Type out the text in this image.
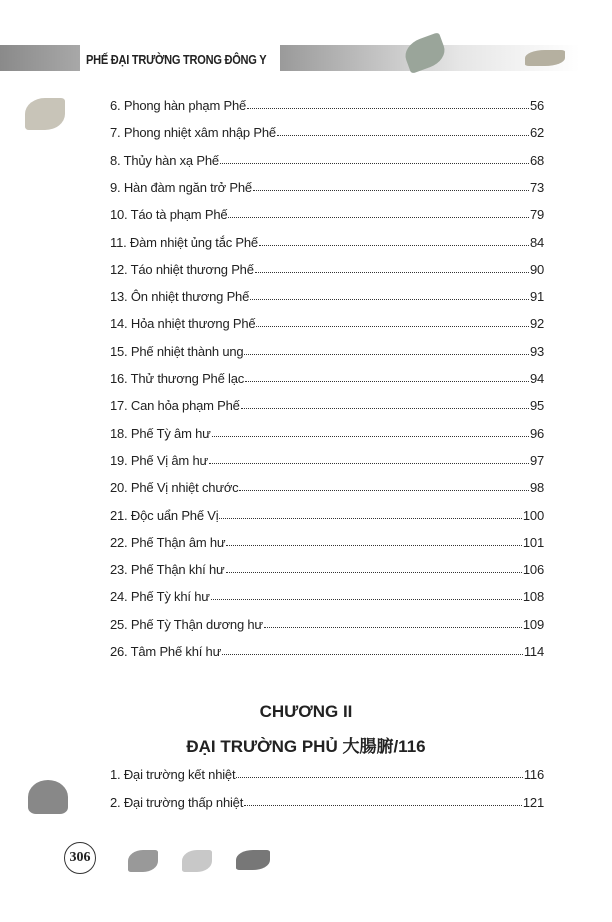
PHẾ ĐẠI TRƯỜNG TRONG ĐÔNG Y
6. Phong hàn phạm Phế	56
7. Phong nhiệt xâm nhập Phế	62
8. Thủy hàn xạ Phế	68
9. Hàn đàm ngăn trở Phế	73
10. Táo tà phạm Phế	79
11. Đàm nhiệt ủng tắc Phế	84
12. Táo nhiệt thương Phế	90
13. Ôn nhiệt thương Phế	91
14. Hỏa nhiệt thương Phế	92
15. Phế nhiệt thành ung	93
16. Thử thương Phế lạc	94
17. Can hỏa phạm Phế	95
18. Phế Tỳ âm hư	96
19. Phế Vị âm hư	97
20. Phế Vị nhiệt chước	98
21. Độc uẩn Phế Vị	100
22. Phế Thận âm hư	101
23. Phế Thận khí hư	106
24. Phế Tỳ khí hư	108
25. Phế Tỳ Thận dương hư	109
26. Tâm Phế khí hư	114
CHƯƠNG II
ĐẠI TRƯỜNG PHỦ 大腸腑/116
1. Đại trường kết nhiệt	116
2. Đại trường thấp nhiệt	121
306
